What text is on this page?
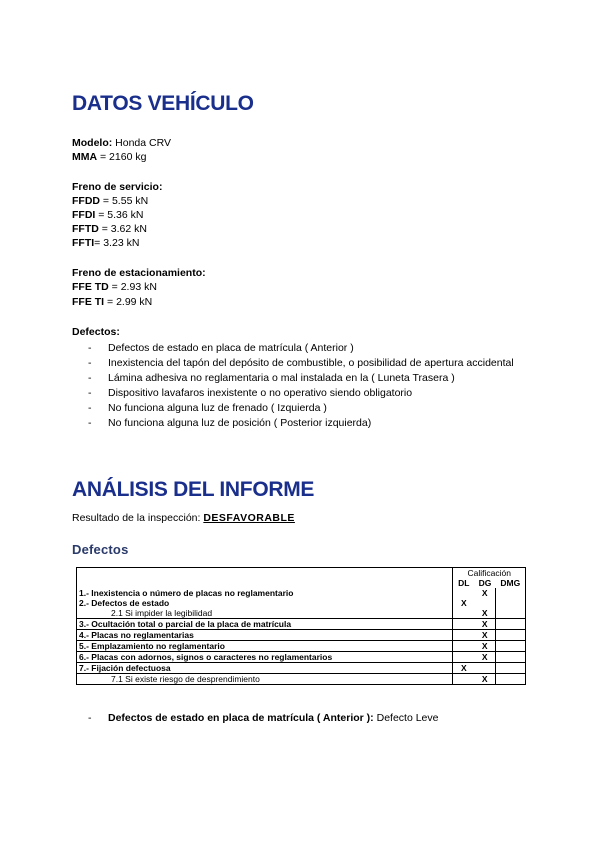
DATOS VEHÍCULO
Modelo: Honda CRV
MMA = 2160 kg
Freno de servicio:
FFDD = 5.55 kN
FFDI = 5.36 kN
FFTD = 3.62 kN
FFTI= 3.23 kN
Freno de estacionamiento:
FFE TD = 2.93 kN
FFE TI = 2.99 kN
Defectos:
- Defectos de estado en placa de matrícula ( Anterior )
- Inexistencia del tapón del depósito de combustible, o posibilidad de apertura accidental
- Lámina adhesiva no reglamentaria o mal instalada en la ( Luneta Trasera )
- Dispositivo lavafaros inexistente o no operativo siendo obligatorio
- No funciona alguna luz de frenado ( Izquierda )
- No funciona alguna luz de posición ( Posterior izquierda)
ANÁLISIS DEL INFORME
Resultado de la inspección: DESFAVORABLE
Defectos
	Calificación			
	DL	DG	DMG	
1.- Inexistencia o número de placas no reglamentario		X		
2.- Defectos de estado	X			
2.1 Si impider la legibilidad		X		
3.- Ocultación total o parcial de la placa de matrícula		X		
4.- Placas no reglamentarias		X		
5.- Emplazamiento no reglamentario		X		
6.- Placas con adornos, signos o caracteres no reglamentarios		X		
7.- Fijación defectuosa	X			
7.1 Si existe riesgo de desprendimiento		X		
- Defectos de estado en placa de matrícula ( Anterior ): Defecto Leve
